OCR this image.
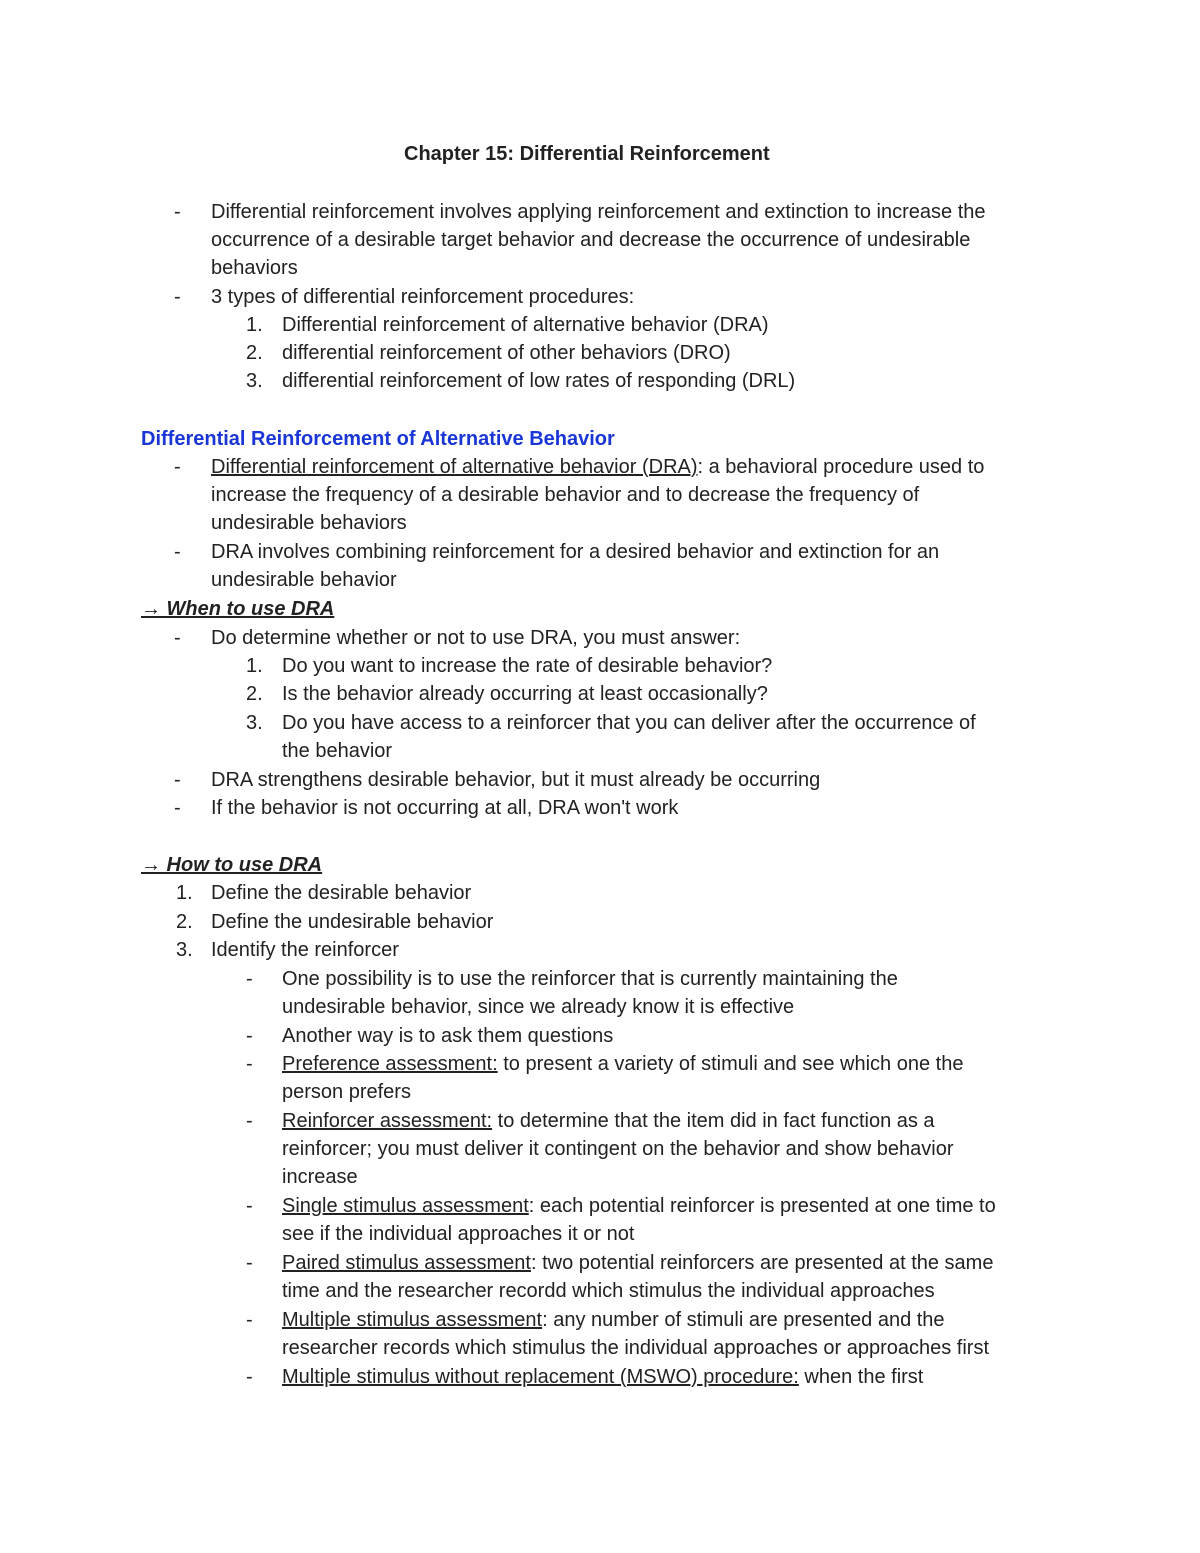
Chapter 15: Differential Reinforcement
- Differential reinforcement involves applying reinforcement and extinction to increase the
occurrence of a desirable target behavior and decrease the occurrence of undesirable
behaviors
- 3 types of differential reinforcement procedures:
1. Differential reinforcement of alternative behavior (DRA)
2. differential reinforcement of other behaviors (DRO)
3. differential reinforcement of low rates of responding (DRL)
Differential Reinforcement of Alternative Behavior
- Differential reinforcement of alternative behavior (DRA): a behavioral procedure used to
increase the frequency of a desirable behavior and to decrease the frequency of
undesirable behaviors
- DRA involves combining reinforcement for a desired behavior and extinction for an
undesirable behavior
→ When to use DRA
- Do determine whether or not to use DRA, you must answer:
1. Do you want to increase the rate of desirable behavior?
2. Is the behavior already occurring at least occasionally?
3. Do you have access to a reinforcer that you can deliver after the occurrence of
the behavior
- DRA strengthens desirable behavior, but it must already be occurring
- If the behavior is not occurring at all, DRA won't work
→ How to use DRA
1. Define the desirable behavior
2. Define the undesirable behavior
3. Identify the reinforcer
- One possibility is to use the reinforcer that is currently maintaining the
undesirable behavior, since we already know it is effective
- Another way is to ask them questions
- Preference assessment: to present a variety of stimuli and see which one the
person prefers
- Reinforcer assessment: to determine that the item did in fact function as a
reinforcer; you must deliver it contingent on the behavior and show behavior
increase
- Single stimulus assessment: each potential reinforcer is presented at one time to
see if the individual approaches it or not
- Paired stimulus assessment: two potential reinforcers are presented at the same
time and the researcher recordd which stimulus the individual approaches
- Multiple stimulus assessment: any number of stimuli are presented and the
researcher records which stimulus the individual approaches or approaches first
- Multiple stimulus without replacement (MSWO) procedure: when the first
